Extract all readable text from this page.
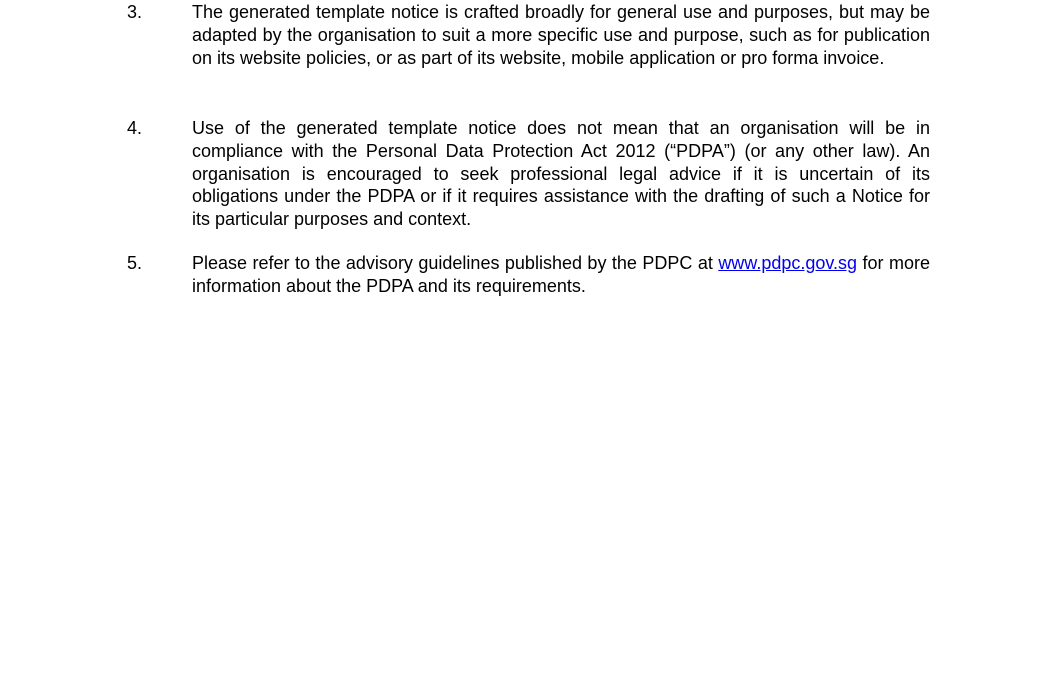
3.	The generated template notice is crafted broadly for general use and purposes, but may be adapted by the organisation to suit a more specific use and purpose, such as for publication on its website policies, or as part of its website, mobile application or pro forma invoice.
4.	Use of the generated template notice does not mean that an organisation will be in compliance with the Personal Data Protection Act 2012 (“PDPA”) (or any other law). An organisation is encouraged to seek professional legal advice if it is uncertain of its obligations under the PDPA or if it requires assistance with the drafting of such a Notice for its particular purposes and context.
5.	Please refer to the advisory guidelines published by the PDPC at www.pdpc.gov.sg for more information about the PDPA and its requirements.
